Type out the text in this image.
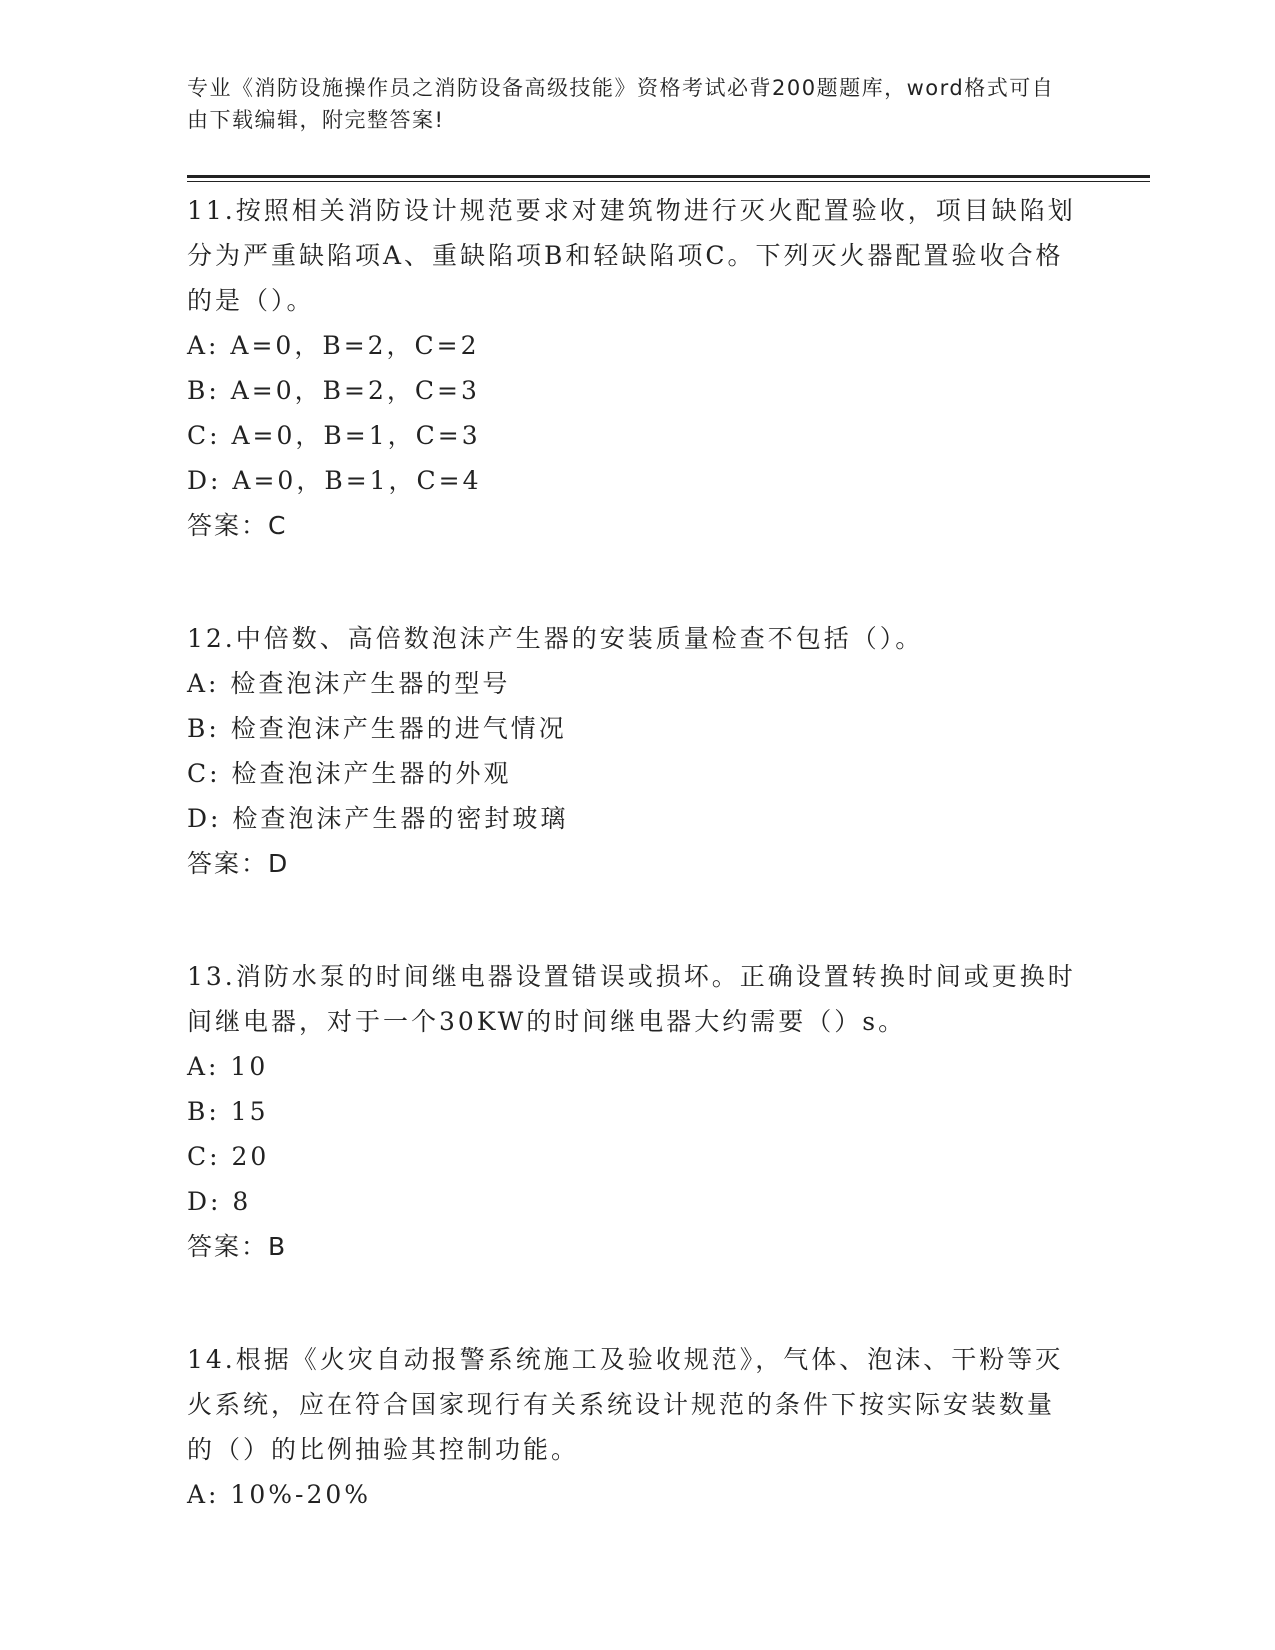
专业《消防设施操作员之消防设备高级技能》资格考试必背200题题库，word格式可自由下载编辑，附完整答案!

11.按照相关消防设计规范要求对建筑物进行灭火配置验收，项目缺陷划分为严重缺陷项A、重缺陷项B和轻缺陷项C。下列灭火器配置验收合格的是（）。

A: A=0，B=2，C=2

B: A=0，B=2，C=3

C: A=0，B=1，C=3

D: A=0，B=1，C=4

答案：C

12.中倍数、高倍数泡沫产生器的安装质量检查不包括（）。

A: 检查泡沫产生器的型号

B: 检查泡沫产生器的进气情况

C: 检查泡沫产生器的外观

D: 检查泡沫产生器的密封玻璃

答案：D

13.消防水泵的时间继电器设置错误或损坏。正确设置转换时间或更换时间继电器，对于一个30KW的时间继电器大约需要（）s。

A: 10

B: 15

C: 20

D: 8

答案：B

14.根据《火灾自动报警系统施工及验收规范》，气体、泡沫、干粉等灭火系统，应在符合国家现行有关系统设计规范的条件下按实际安装数量的（）的比例抽验其控制功能。

A: 10%-20%
